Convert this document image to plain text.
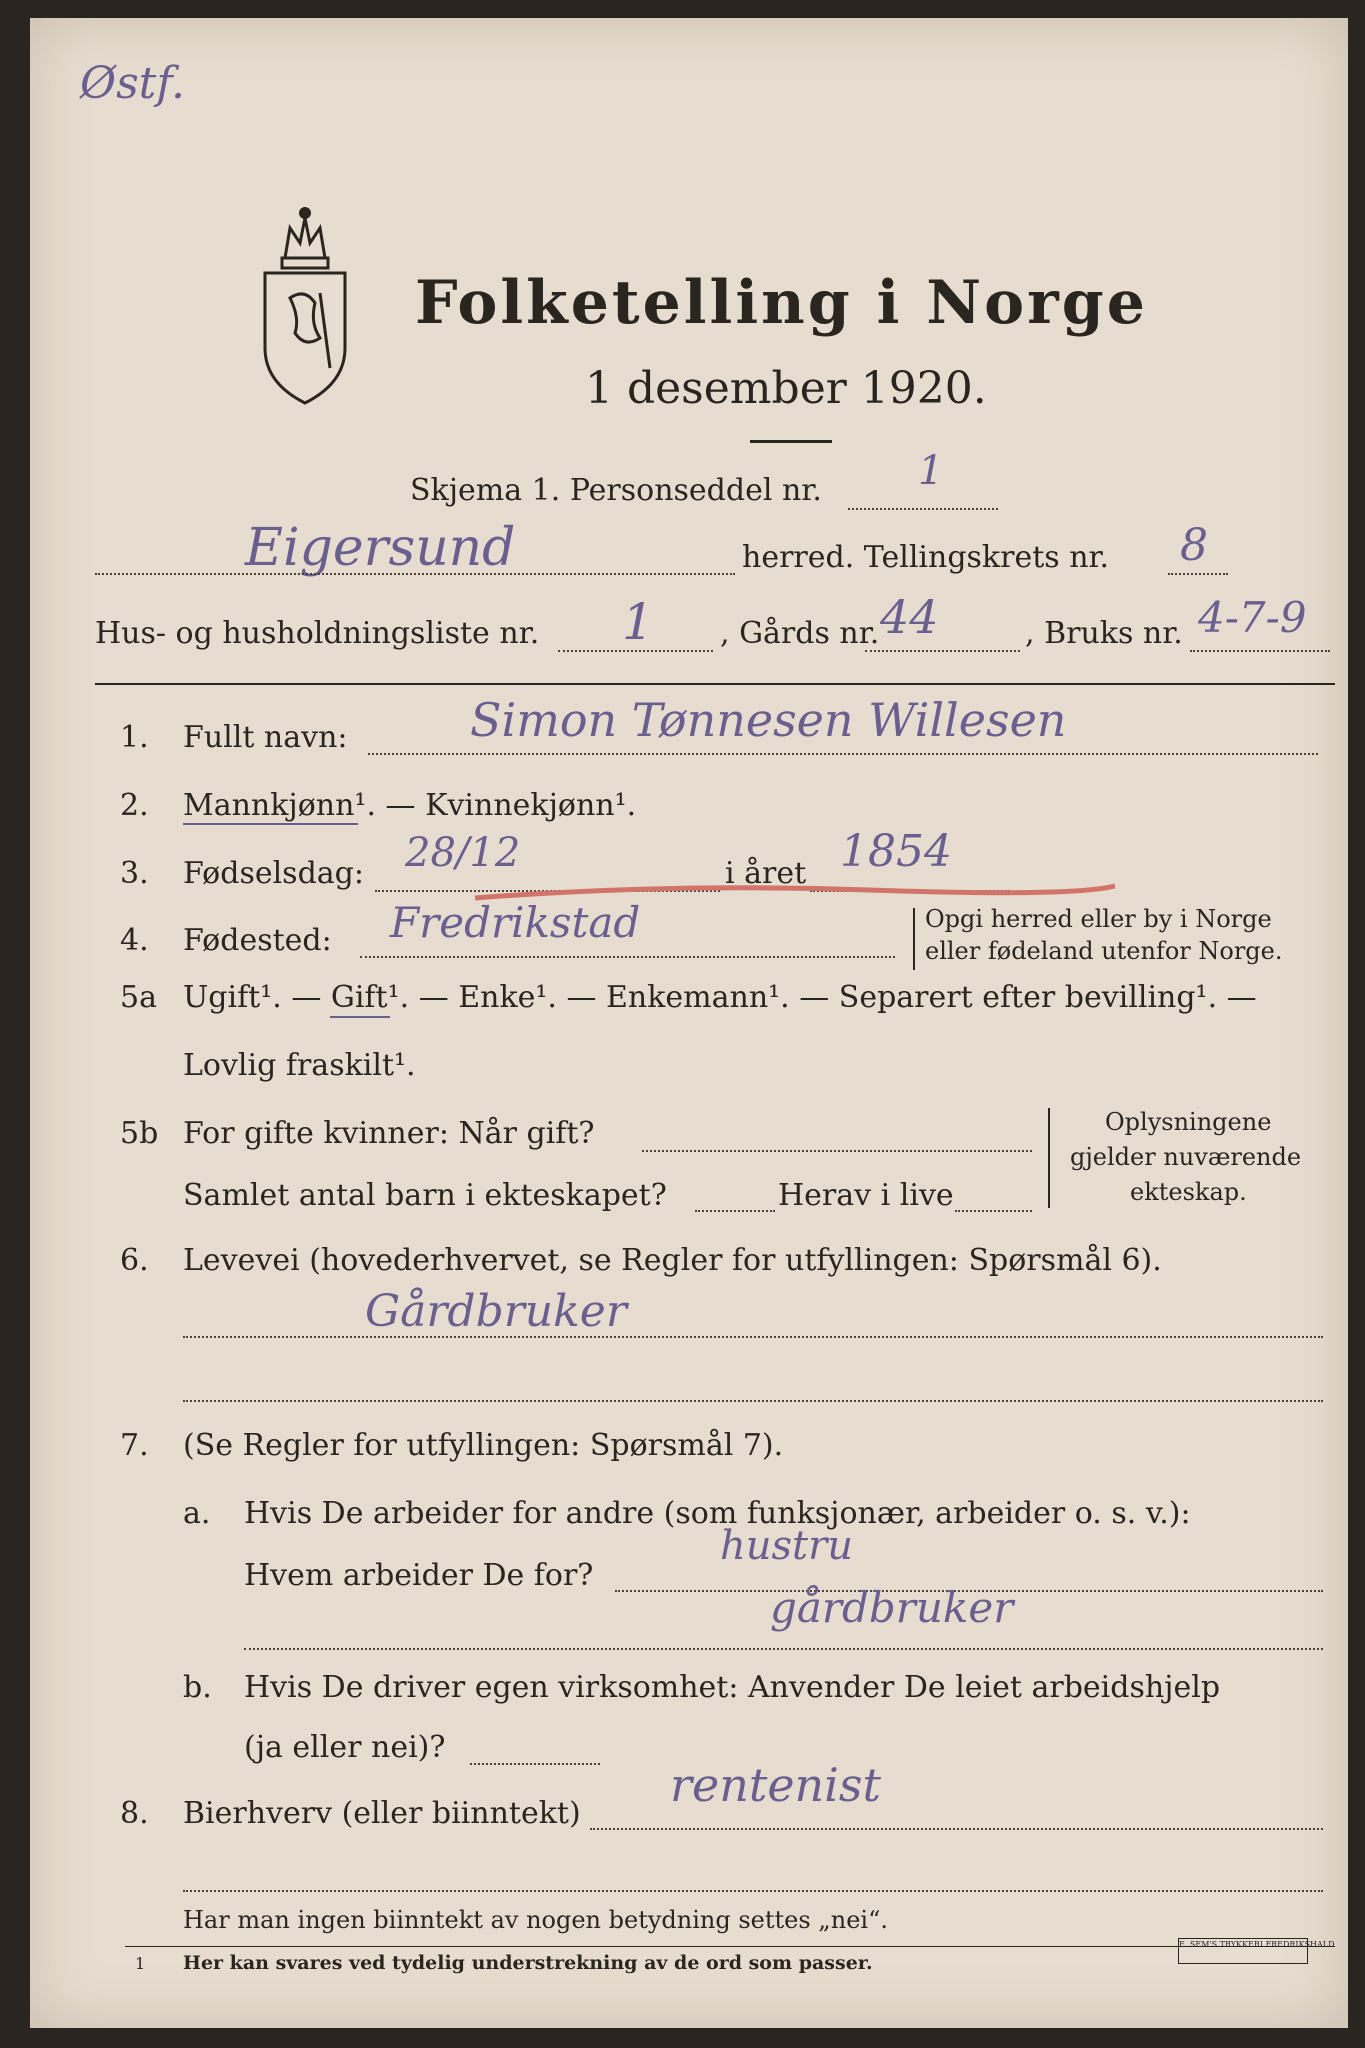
Østf.
Folketelling i Norge
1 desember 1920.
Skjema 1. Personseddel nr. 1
Eigersund	herred. Tellingskrets nr. 8
Hus- og husholdningsliste nr. 1 , Gårds nr. 44	, Bruks nr. 4-7-9
1. Fullt navn:	Simon Tønnesen Willesen
2. Mannkjønn¹. — Kvinnekjønn¹.
3. Fødselsdag: 28/12	i året 1854
4. Fødested: Fredrikstad	Opgi herred eller by i Norge
eller fødeland utenfor Norge.
5a Ugift¹. — Gift¹. — Enke¹. — Enkemann¹. — Separert efter bevilling¹. —
Lovlig fraskilt¹.
5b For gifte kvinner: Når gift?
Samlet antal barn i ekteskapet?	Herav i live
Oplysningene
gjelder nuværende
ekteskap.
6. Levevei (hovederhvervet, se Regler for utfyllingen: Spørsmål 6).
Gårdbruker
7. (Se Regler for utfyllingen: Spørsmål 7).
a. Hvis De arbeider for andre (som funksjonær, arbeider o. s. v.):
Hvem arbeider De for?
hustru
gårdbruker
b. Hvis De driver egen virksomhet: Anvender De leiet arbeidshjelp
(ja eller nei)?
8. Bierhverv (eller biinntekt)
rentenist
Har man ingen biinntekt av nogen betydning settes „nei“.
1 Her kan svares ved tydelig understrekning av de ord som passer.
E. SEM'S TRYKKERI FREDRIKSHALD
